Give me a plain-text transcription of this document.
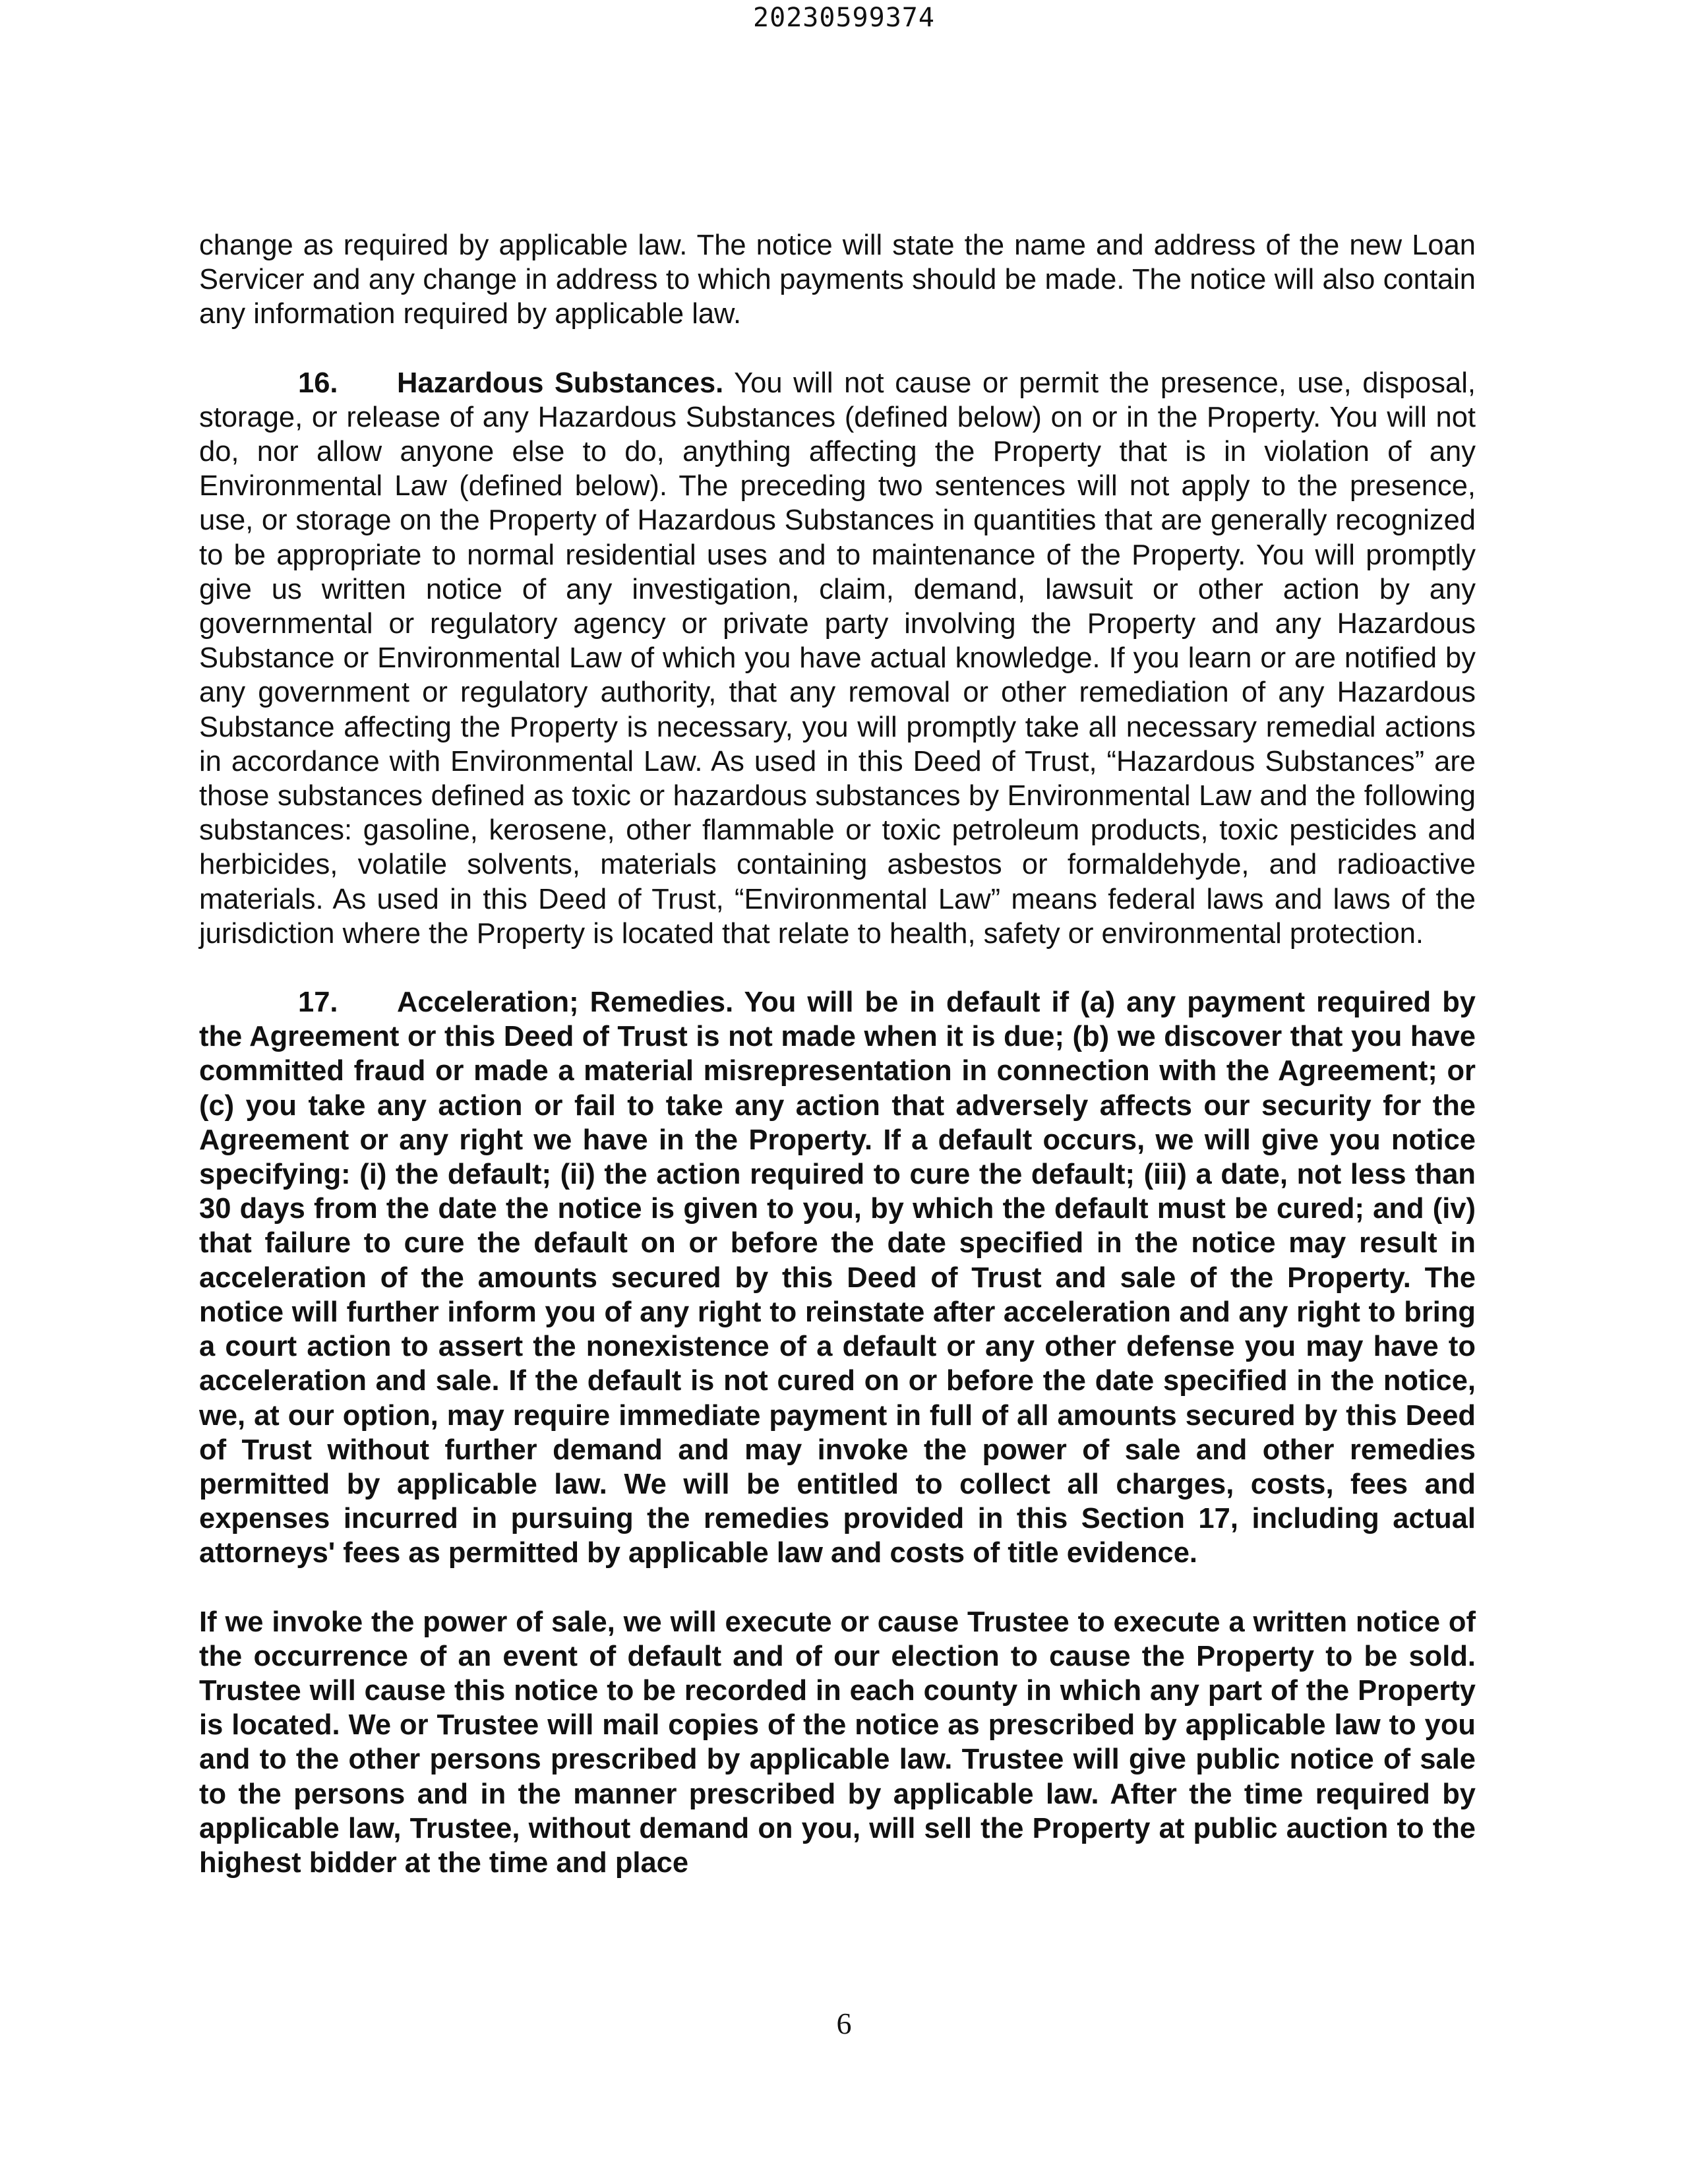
20230599374

change as required by applicable law. The notice will state the name and address of the new Loan Servicer and any change in address to which payments should be made. The notice will also contain any information required by applicable law.

16. Hazardous Substances. You will not cause or permit the presence, use, disposal, storage, or release of any Hazardous Substances (defined below) on or in the Property. You will not do, nor allow anyone else to do, anything affecting the Property that is in violation of any Environmental Law (defined below). The preceding two sentences will not apply to the presence, use, or storage on the Property of Hazardous Substances in quantities that are generally recognized to be appropriate to normal residential uses and to maintenance of the Property. You will promptly give us written notice of any investigation, claim, demand, lawsuit or other action by any governmental or regulatory agency or private party involving the Property and any Hazardous Substance or Environmental Law of which you have actual knowledge. If you learn or are notified by any government or regulatory authority, that any removal or other remediation of any Hazardous Substance affecting the Property is necessary, you will promptly take all necessary remedial actions in accordance with Environmental Law. As used in this Deed of Trust, “Hazardous Substances” are those substances defined as toxic or hazardous substances by Environmental Law and the following substances: gasoline, kerosene, other flammable or toxic petroleum products, toxic pesticides and herbicides, volatile solvents, materials containing asbestos or formaldehyde, and radioactive materials. As used in this Deed of Trust, “Environmental Law” means federal laws and laws of the jurisdiction where the Property is located that relate to health, safety or environmental protection.

17. Acceleration; Remedies. You will be in default if (a) any payment required by the Agreement or this Deed of Trust is not made when it is due; (b) we discover that you have committed fraud or made a material misrepresentation in connection with the Agreement; or (c) you take any action or fail to take any action that adversely affects our security for the Agreement or any right we have in the Property. If a default occurs, we will give you notice specifying: (i) the default; (ii) the action required to cure the default; (iii) a date, not less than 30 days from the date the notice is given to you, by which the default must be cured; and (iv) that failure to cure the default on or before the date specified in the notice may result in acceleration of the amounts secured by this Deed of Trust and sale of the Property. The notice will further inform you of any right to reinstate after acceleration and any right to bring a court action to assert the nonexistence of a default or any other defense you may have to acceleration and sale. If the default is not cured on or before the date specified in the notice, we, at our option, may require immediate payment in full of all amounts secured by this Deed of Trust without further demand and may invoke the power of sale and other remedies permitted by applicable law. We will be entitled to collect all charges, costs, fees and expenses incurred in pursuing the remedies provided in this Section 17, including actual attorneys' fees as permitted by applicable law and costs of title evidence.

If we invoke the power of sale, we will execute or cause Trustee to execute a written notice of the occurrence of an event of default and of our election to cause the Property to be sold. Trustee will cause this notice to be recorded in each county in which any part of the Property is located. We or Trustee will mail copies of the notice as prescribed by applicable law to you and to the other persons prescribed by applicable law. Trustee will give public notice of sale to the persons and in the manner prescribed by applicable law. After the time required by applicable law, Trustee, without demand on you, will sell the Property at public auction to the highest bidder at the time and place

6
